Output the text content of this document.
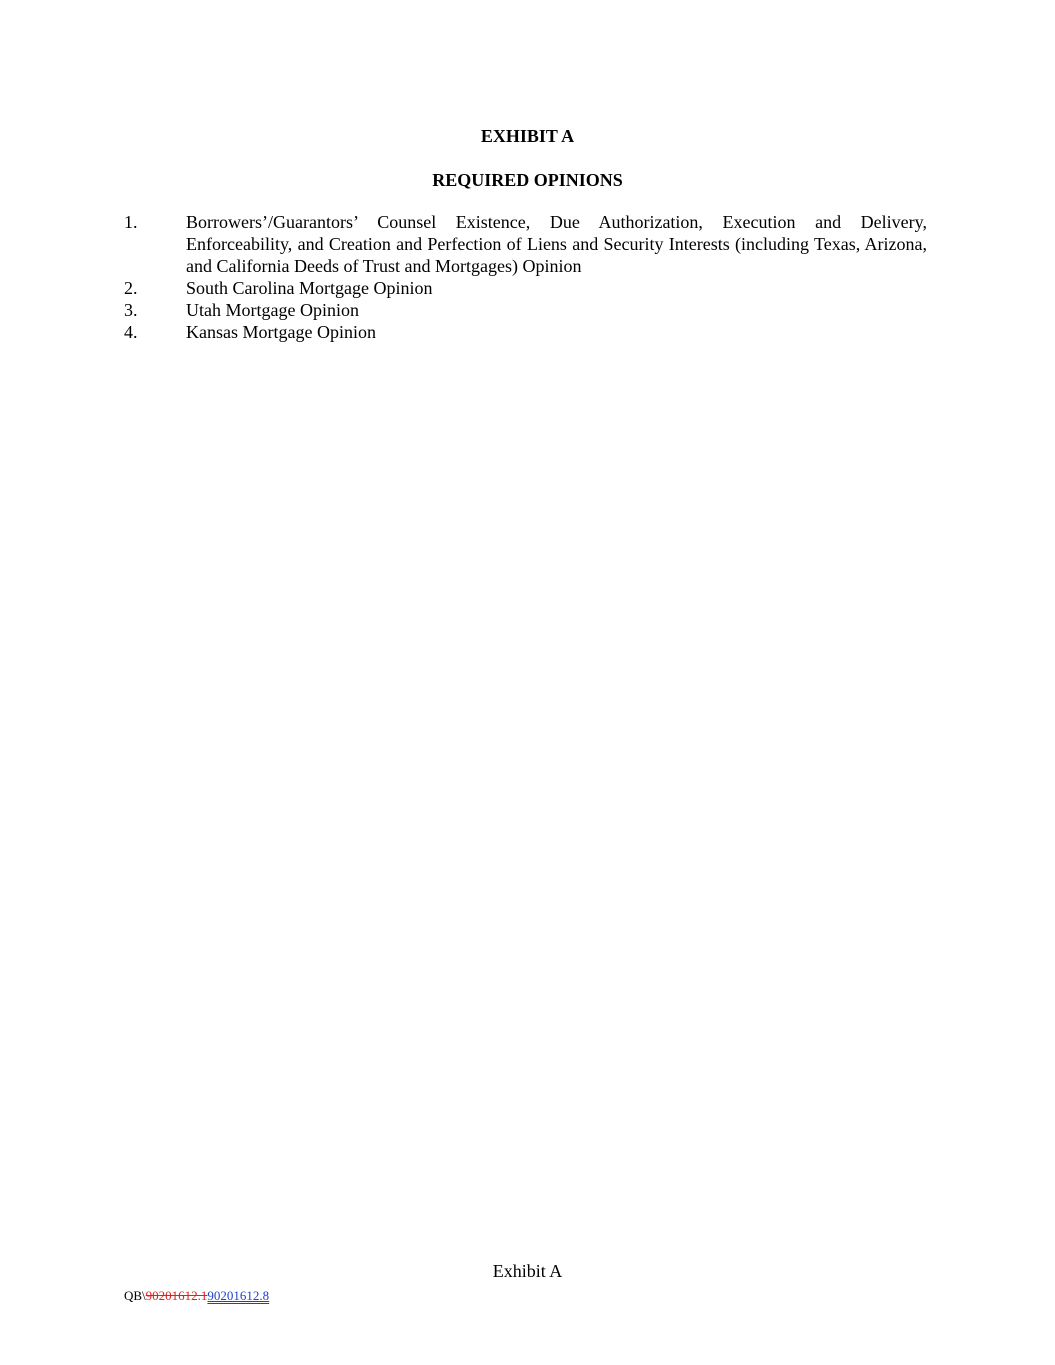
EXHIBIT A
REQUIRED OPINIONS
1.	Borrowers’/Guarantors’ Counsel Existence, Due Authorization, Execution and Delivery, Enforceability, and Creation and Perfection of Liens and Security Interests (including Texas, Arizona, and California Deeds of Trust and Mortgages) Opinion
2.	South Carolina Mortgage Opinion
3.	Utah Mortgage Opinion
4.	Kansas Mortgage Opinion
Exhibit A
QB\90201612.190201612.8
